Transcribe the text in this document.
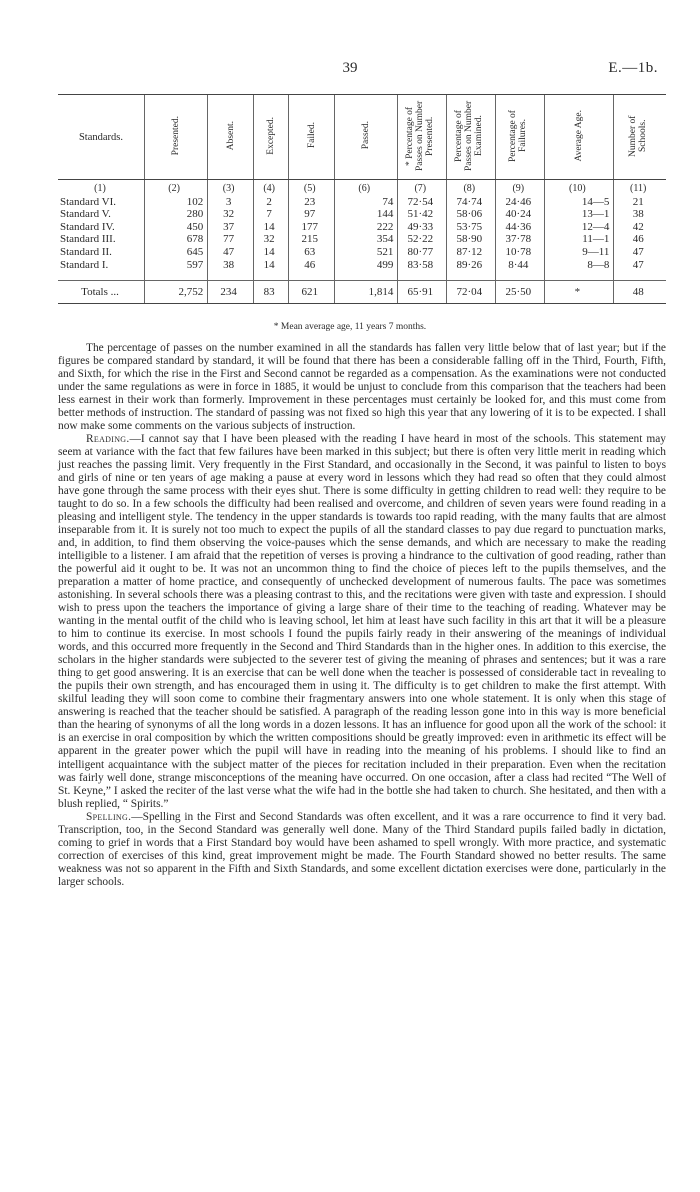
39	E.—1b.
Standards.	Presented.	Absent.	Excepted.	Failed.	Passed.	* Percentage of Passes on Number Presented.	Percentage of Passes on Number Examined.	Percentage of Failures.	Average Age.	Number of Schools.
(1)	(2)	(3)	(4)	(5)	(6)	(7)	(8)	(9)	(10)	(11)
Standard VI.	102	3	2	23	74	72·54	74·74	24·46	14—5	21
Standard V.	280	32	7	97	144	51·42	58·06	40·24	13—1	38
Standard IV.	450	37	14	177	222	49·33	53·75	44·36	12—4	42
Standard III.	678	77	32	215	354	52·22	58·90	37·78	11—1	46
Standard II.	645	47	14	63	521	80·77	87·12	10·78	9—11	47
Standard I.	597	38	14	46	499	83·58	89·26	8·44	8—8	47

Totals ...	2,752	234	83	621	1,814	65·91	72·04	25·50	*	48
* Mean average age, 11 years 7 months.

The percentage of passes on the number examined in all the standards has fallen very little below that of last year; but if the figures be compared standard by standard, it will be found that there has been a considerable falling off in the Third, Fourth, Fifth, and Sixth, for which the rise in the First and Second cannot be regarded as a compensation. As the examinations were not conducted under the same regulations as were in force in 1885, it would be unjust to conclude from this comparison that the teachers had been less earnest in their work than formerly. Improvement in these percentages must certainly be looked for, and this must come from better methods of instruction. The standard of passing was not fixed so high this year that any lowering of it is to be expected. I shall now make some comments on the various subjects of instruction.

Reading.—I cannot say that I have been pleased with the reading I have heard in most of the schools. This statement may seem at variance with the fact that few failures have been marked in this subject; but there is often very little merit in reading which just reaches the passing limit. Very frequently in the First Standard, and occasionally in the Second, it was painful to listen to boys and girls of nine or ten years of age making a pause at every word in lessons which they had read so often that they could almost have gone through the same process with their eyes shut. There is some difficulty in getting children to read well: they require to be taught to do so. In a few schools the difficulty had been realised and overcome, and children of seven years were found reading in a pleasing and intelligent style. The tendency in the upper standards is towards too rapid reading, with the many faults that are almost inseparable from it. It is surely not too much to expect the pupils of all the standard classes to pay due regard to punctuation marks, and, in addition, to find them observing the voice-pauses which the sense demands, and which are necessary to make the reading intelligible to a listener. I am afraid that the repetition of verses is proving a hindrance to the cultivation of good reading, rather than the powerful aid it ought to be. It was not an uncommon thing to find the choice of pieces left to the pupils themselves, and the preparation a matter of home practice, and consequently of unchecked development of numerous faults. The pace was sometimes astonishing. In several schools there was a pleasing contrast to this, and the recitations were given with taste and expression. I should wish to press upon the teachers the importance of giving a large share of their time to the teaching of reading. Whatever may be wanting in the mental outfit of the child who is leaving school, let him at least have such facility in this art that it will be a pleasure to him to continue its exercise. In most schools I found the pupils fairly ready in their answering of the meanings of individual words, and this occurred more frequently in the Second and Third Standards than in the higher ones. In addition to this exercise, the scholars in the higher standards were subjected to the severer test of giving the meaning of phrases and sentences; but it was a rare thing to get good answering. It is an exercise that can be well done when the teacher is possessed of considerable tact in revealing to the pupils their own strength, and has encouraged them in using it. The difficulty is to get children to make the first attempt. With skilful leading they will soon come to combine their fragmentary answers into one whole statement. It is only when this stage of answering is reached that the teacher should be satisfied. A paragraph of the reading lesson gone into in this way is more beneficial than the hearing of synonyms of all the long words in a dozen lessons. It has an influence for good upon all the work of the school: it is an exercise in oral composition by which the written compositions should be greatly improved: even in arithmetic its effect will be apparent in the greater power which the pupil will have in reading into the meaning of his problems. I should like to find an intelligent acquaintance with the subject matter of the pieces for recitation included in their preparation. Even when the recitation was fairly well done, strange misconceptions of the meaning have occurred. On one occasion, after a class had recited “The Well of St. Keyne,” I asked the reciter of the last verse what the wife had in the bottle she had taken to church. She hesitated, and then with a blush replied, “ Spirits.”

Spelling.—Spelling in the First and Second Standards was often excellent, and it was a rare occurrence to find it very bad. Transcription, too, in the Second Standard was generally well done. Many of the Third Standard pupils failed badly in dictation, coming to grief in words that a First Standard boy would have been ashamed to spell wrongly. With more practice, and systematic correction of exercises of this kind, great improvement might be made. The Fourth Standard showed no better results. The same weakness was not so apparent in the Fifth and Sixth Standards, and some excellent dictation exercises were done, particularly in the larger schools.
